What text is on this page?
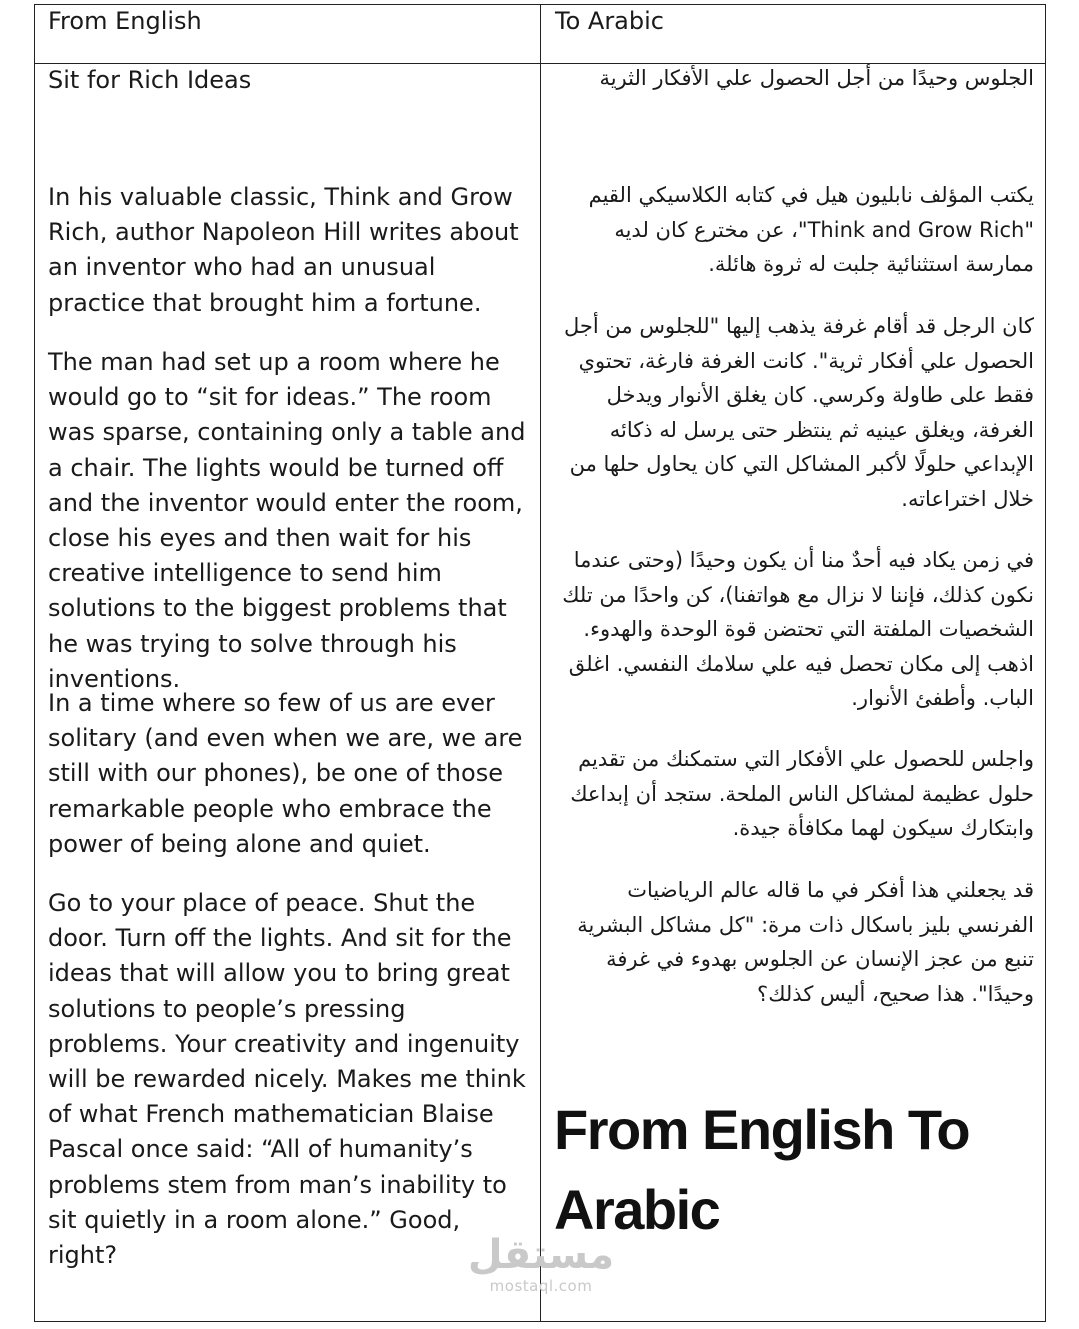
From English	To Arabic
Sit for Rich Ideas

In his valuable classic, Think and Grow Rich, author Napoleon Hill writes about an inventor who had an unusual practice that brought him a fortune.

The man had set up a room where he would go to “sit for ideas.” The room was sparse, containing only a table and a chair. The lights would be turned off and the inventor would enter the room, close his eyes and then wait for his creative intelligence to send him solutions to the biggest problems that he was trying to solve through his inventions.

In a time where so few of us are ever solitary (and even when we are, we are still with our phones), be one of those remarkable people who embrace the power of being alone and quiet.

Go to your place of peace. Shut the door. Turn off the lights. And sit for the ideas that will allow you to bring great solutions to people’s pressing problems. Your creativity and ingenuity will be rewarded nicely. Makes me think of what French mathematician Blaise Pascal once said: “All of humanity’s problems stem from man’s inability to sit quietly in a room alone.” Good, right?

الجلوس وحيدًا من أجل الحصول علي الأفكار الثرية

يكتب المؤلف نابليون هيل في كتابه الكلاسيكي القيم "Think and Grow Rich"، عن مخترع كان لديه ممارسة استثنائية جلبت له ثروة هائلة.

كان الرجل قد أقام غرفة يذهب إليها "للجلوس من أجل الحصول علي أفكار ثرية". كانت الغرفة فارغة، تحتوي فقط على طاولة وكرسي. كان يغلق الأنوار ويدخل الغرفة، ويغلق عينيه ثم ينتظر حتى يرسل له ذكائه الإبداعي حلولًا لأكبر المشاكل التي كان يحاول حلها من خلال اختراعاته.

في زمن يكاد فيه أحدٌ منا أن يكون وحيدًا (وحتى عندما نكون كذلك، فإننا لا نزال مع هواتفنا)، كن واحدًا من تلك الشخصيات الملفتة التي تحتضن قوة الوحدة والهدوء. اذهب إلى مكان تحصل فيه علي سلامك النفسي. اغلق الباب. وأطفئ الأنوار.

واجلس للحصول علي الأفكار التي ستمكنك من تقديم حلول عظيمة لمشاكل الناس الملحة. ستجد أن إبداعك وابتكارك سيكون لهما مكافأة جيدة.

قد يجعلني هذا أفكر في ما قاله عالم الرياضيات الفرنسي بليز باسكال ذات مرة: "كل مشاكل البشرية تنبع من عجز الإنسان عن الجلوس بهدوء في غرفة وحيدًا". هذا صحيح، أليس كذلك؟

From English To
Arabic
مستقل
mostaql.com
